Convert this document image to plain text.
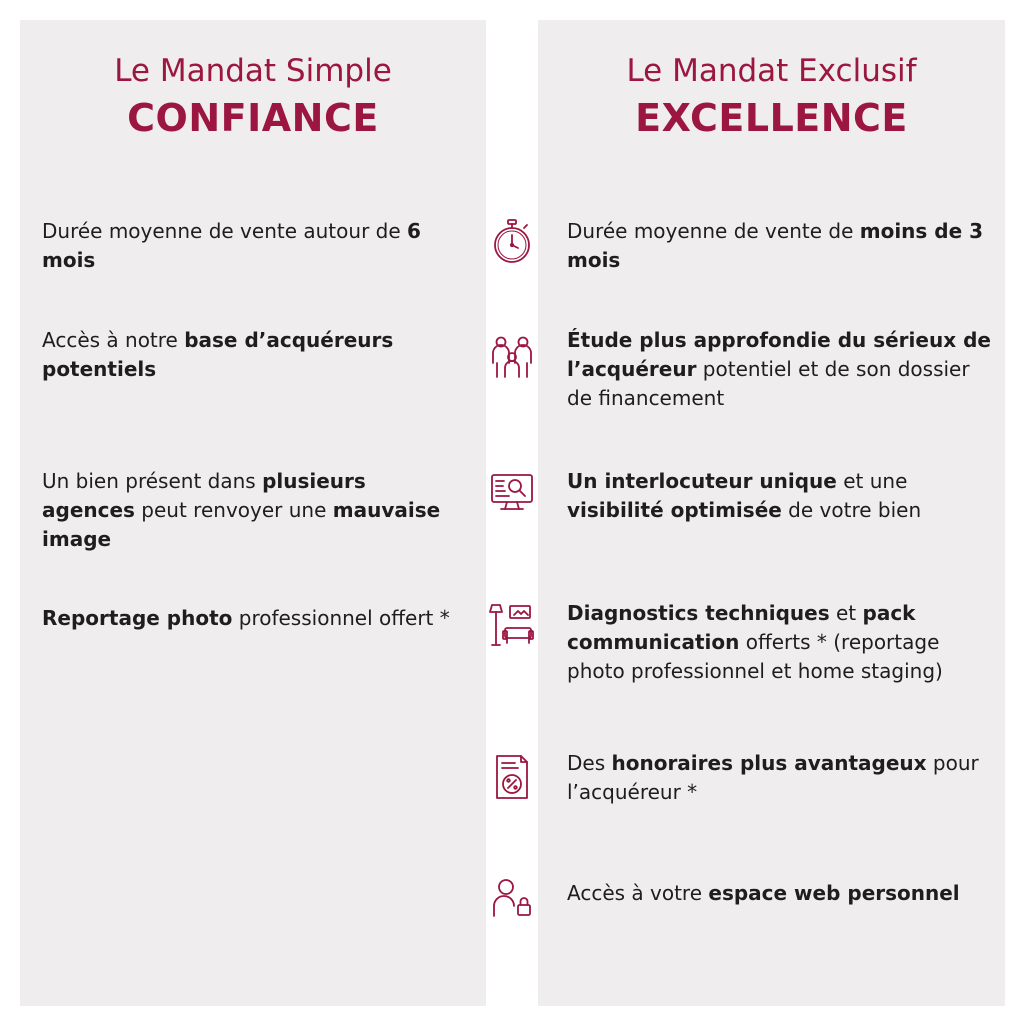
Le Mandat Simple
CONFIANCE
Durée moyenne de vente autour de 6 mois
Accès à notre base d’acquéreurs potentiels
Un bien présent dans plusieurs agences peut renvoyer une mauvaise image
Reportage photo professionnel offert *
Le Mandat Exclusif
EXCELLENCE
Durée moyenne de vente de moins de 3 mois
Étude plus approfondie du sérieux de l’acquéreur potentiel et de son dossier de financement
Un interlocuteur unique et une visibilité optimisée de votre bien
Diagnostics techniques et pack communication offerts * (reportage photo professionnel et home staging)
Des honoraires plus avantageux pour l’acquéreur *
Accès à votre espace web personnel
